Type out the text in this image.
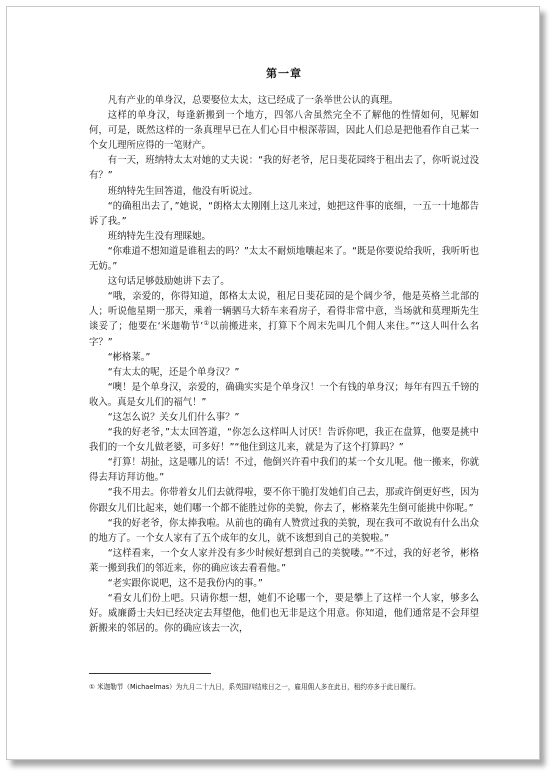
第一章

凡有产业的单身汉，总要娶位太太，这已经成了一条举世公认的真理。

这样的单身汉，每逢新搬到一个地方，四邻八舍虽然完全不了解他的性情如何，见解如何，可是，既然这样的一条真理早已在人们心目中根深蒂固，因此人们总是把他看作自己某一个女儿理所应得的一笔财产。

有一天，班纳特太太对她的丈夫说：“我的好老爷，尼日斐花园终于租出去了，你听说过没有？”

班纳特先生回答道，他没有听说过。

“的确租出去了，”她说，“朗格太太刚刚上这儿来过，她把这件事的底细，一五一十地都告诉了我。”

班纳特先生没有理睬她。

“你难道不想知道是谁租去的吗？”太太不耐烦地嚷起来了。“既是你要说给我听，我听听也无妨。”

这句话足够鼓励她讲下去了。

“哦，亲爱的，你得知道，郎格太太说，租尼日斐花园的是个阔少爷，他是英格兰北部的人；听说他星期一那天，乘着一辆驷马大轿车来看房子，看得非常中意，当场就和莫理斯先生谈妥了；他要在‘米迦勒节’①以前搬进来，打算下个周末先叫几个佣人来住。”“这人叫什么名字？”

“彬格莱。”

“有太太的呢，还是个单身汉？”

“噢！是个单身汉，亲爱的，确确实实是个单身汉！一个有钱的单身汉；每年有四五千镑的收入。真是女儿们的福气！”

“这怎么说？关女儿们什么事？”

“我的好老爷，”太太回答道，“你怎么这样叫人讨厌！告诉你吧，我正在盘算，他要是挑中我们的一个女儿做老婆，可多好！”“他住到这儿来，就是为了这个打算吗？”

“打算！胡扯，这是哪儿的话！不过，他倒兴许看中我们的某一个女儿呢。他一搬来，你就得去拜访拜访他。”

“我不用去。你带着女儿们去就得啦，要不你干脆打发她们自己去，那或许倒更好些，因为你跟女儿们比起来，她们哪一个都不能胜过你的美貌，你去了，彬格莱先生倒可能挑中你呢。”

“我的好老爷，你太捧我啦。从前也的确有人赞赏过我的美貌，现在我可不敢说有什么出众的地方了。一个女人家有了五个成年的女儿，就不该想到自己的美貌啦。”

“这样看来，一个女人家并没有多少时候好想到自己的美貌喽。”“不过，我的好老爷，彬格莱一搬到我们的邻近来，你的确应该去看看他。”

“老实跟你说吧，这不是我份内的事。”

“看女儿们份上吧。只请你想一想，她们不论哪一个，要是攀上了这样一个人家，够多么好。威廉爵士夫妇已经决定去拜望他，他们也无非是这个用意。你知道，他们通常是不会拜望新搬来的邻居的。你的确应该去一次，

① 米迦勒节（Michaelmas）为九月二十九日，系英国四结账日之一，雇用佣人多在此日，租约亦多于此日履行。
